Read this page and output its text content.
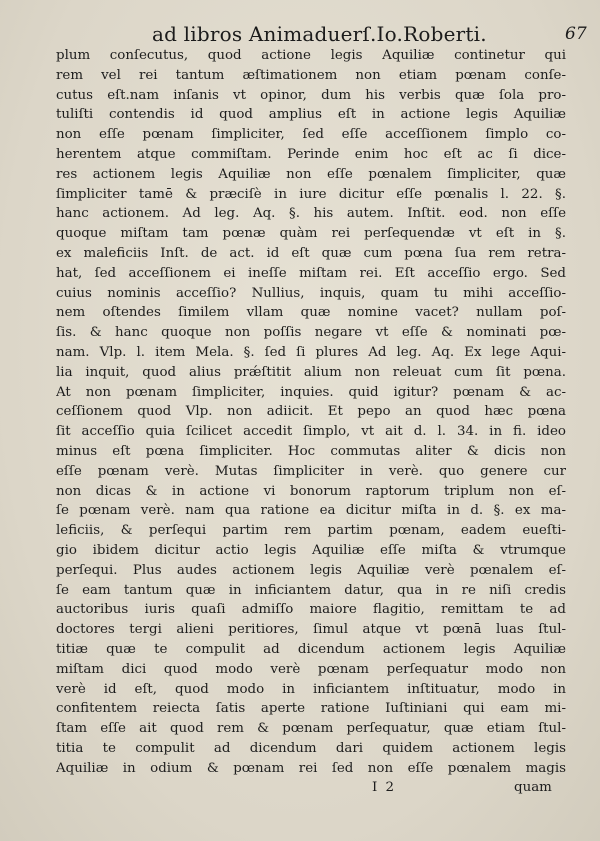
ad libros Animaduerſ.Io.Roberti.	67
plum conſecutus, quod actione legis Aquiliæ continetur qui
rem vel rei tantum æſtimationem non etiam pœnam conſe-
cutus eſt.nam inſanis vt opinor, dum his verbis quæ ſola pro-
tuliſti contendis id quod amplius eſt in actione legis Aquiliæ
non eſſe pœnam ſimpliciter, ſed eſſe acceſſionem ſimplo co-
herentem atque commiſtam. Perinde enim hoc eſt ac ſi dice-
res actionem legis Aquiliæ non eſſe pœnalem ſimpliciter, quæ
ſimpliciter tamē & præciſè in iure dicitur eſſe pœnalis l. 22. §.
hanc actionem. Ad leg. Aq. §. his autem. Inſtit. eod. non eſſe
quoque miſtam tam pœnæ quàm rei perſequendæ vt eſt in §.
ex maleficiis Inſt. de act. id eſt quæ cum pœna ſua rem retra-
hat, ſed acceſſionem ei ineſſe miſtam rei. Eſt acceſſio ergo. Sed
cuius nominis acceſſio? Nullius, inquis, quam tu mihi acceſſio-
nem oſtendes ſimilem vllam quæ nomine vacet? nullam poſ-
ſis. & hanc quoque non poſſis negare vt eſſe & nominati pœ-
nam. Vlp. l. item Mela. §. ſed ſi plures Ad leg. Aq. Ex lege Aqui-
lia inquit, quod alius prǽſtitit alium non releuat cum ſit pœna.
At non pœnam ſimpliciter, inquies. quid igitur? pœnam & ac-
ceſſionem quod Vlp. non adiicit. Et pepo an quod hæc pœna
ſit acceſſio quia ſcilicet accedit ſimplo, vt ait d. l. 34. in fi. ideo
minus eſt pœna ſimpliciter. Hoc commutas aliter & dicis non
eſſe pœnam verè. Mutas ſimpliciter in verè. quo genere cur
non dicas & in actione vi bonorum raptorum triplum non eſ-
ſe pœnam verè. nam qua ratione ea dicitur miſta in d. §. ex ma-
leficiis, & perſequi partim rem partim pœnam, eadem eueſti-
gio ibidem dicitur actio legis Aquiliæ eſſe miſta & vtrumque
perſequi. Plus audes actionem legis Aquiliæ verè pœnalem eſ-
ſe eam tantum quæ in inficiantem datur, qua in re niſi credis
auctoribus iuris quaſi admiſſo maiore flagitio, remittam te ad
doctores tergi alieni peritiores, ſimul atque vt pœnā luas ſtul-
titiæ quæ te compulit ad dicendum actionem legis Aquiliæ
miſtam dici quod modo verè pœnam perſequatur modo non
verè id eſt, quod modo in inficiantem inſtituatur, modo in
confitentem reiecta ſatis aperte ratione Iuſtiniani qui eam mi-
ſtam eſſe ait quod rem & pœnam perſequatur, quæ etiam ſtul-
titia te compulit ad dicendum dari quidem actionem legis
Aquiliæ in odium & pœnam rei ſed non eſſe pœnalem magis
I 2	quam
